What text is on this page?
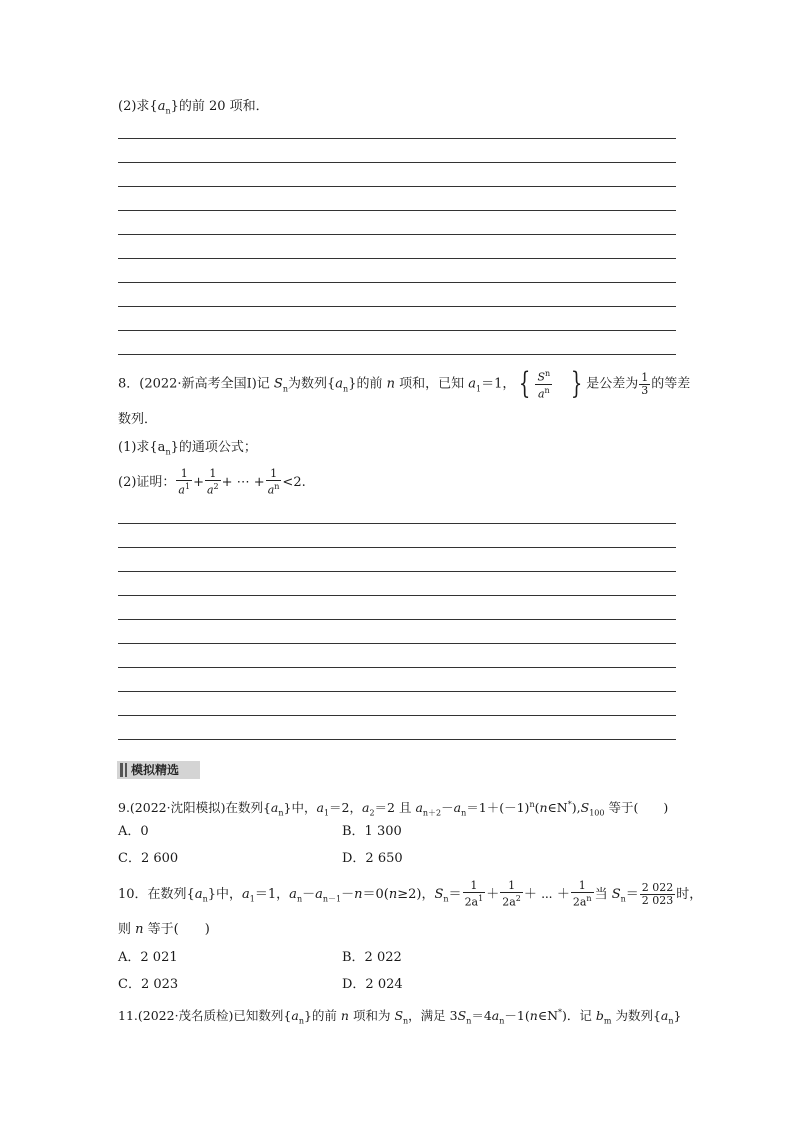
(2)求$\{a_n\}$的前 20 项和．
8．(2022·新高考全国Ⅰ)记 $S_n$为数列$\{a_n\}$的前 n 项和，已知 $a_1=1$， { $\frac{S^n}{a^n}$ } 是公差为 $\frac{1}{3}$ 的等差
数列．
(1)求$\{a_n\}$的通项公式；
(2)证明： $\frac{1}{a^1} + \frac{1}{a^2}$ + ⋯ + $\frac{1}{a^n} <2$.
模拟精选
9.(2022·沈阳模拟)在数列$\{a_n\}$中，$a_1=2$，$a_2=2$ 且 $a_{n+2}-a_n=1+(-1)^n(n\in N^*),S_{100}$ 等于(　　)
A．0	B．1 300
C．2 600	D．2 650
10．在数列$\{a_n\}$中，$a_1=1$，$a_n-a_{n-1}-n=0(n\ge 2)$，$S_n= \frac{1}{2a^1} + \frac{1}{2a^2}$ ＋ ⋯ ＋ $\frac{1}{2a^n}$ 当 $S_n= \frac{2 022}{2 023}$ 时，
则 n 等于(　　)
A．2 021	B．2 022
C．2 023	D．2 024
11.(2022·茂名质检)已知数列$\{a_n\}$的前 n 项和为 $S_n$，满足 $3S_n=4a_n-1(n\in N^*)$．记 $b_m$ 为数列$\{a_n\}$
